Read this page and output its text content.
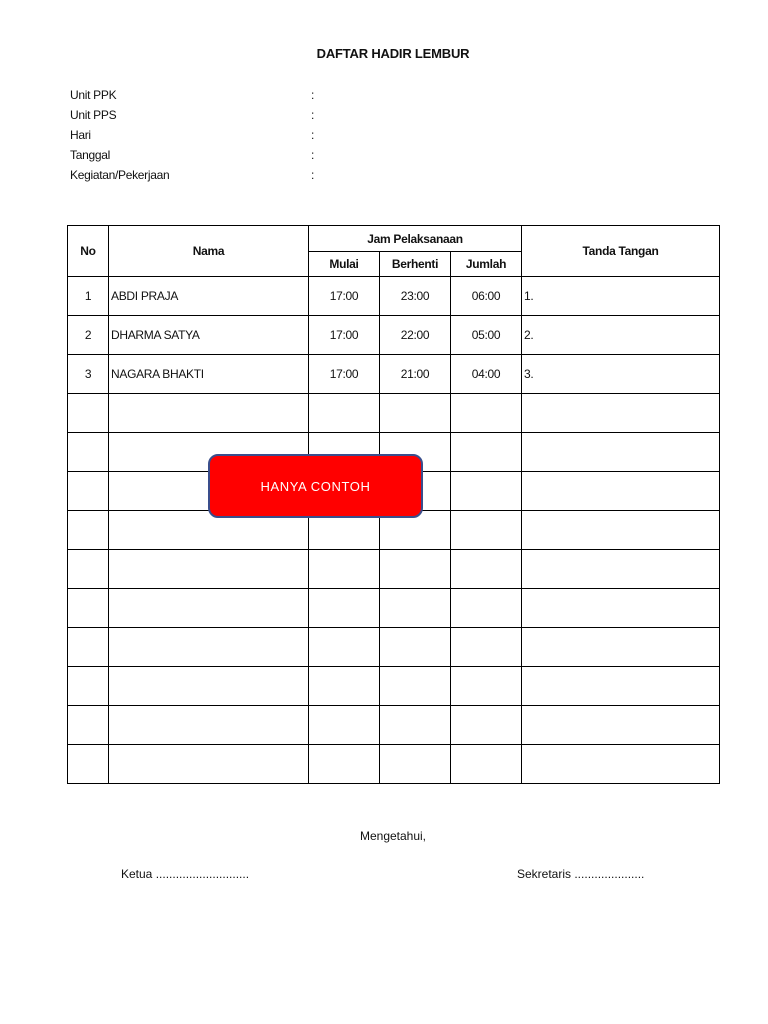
DAFTAR HADIR LEMBUR
Unit PPK	:
Unit PPS	:
Hari	:
Tanggal	:
Kegiatan/Pekerjaan	:
No	Nama	Jam Pelaksanaan			Tanda Tangan
		Mulai	Berhenti	Jumlah	
1	ABDI PRAJA	17:00	23:00	06:00	1.
2	DHARMA SATYA	17:00	22:00	05:00	2.
3	NAGARA BHAKTI	17:00	21:00	04:00	3.

HANYA CONTOH
Mengetahui,
Ketua ............................	Sekretaris .....................
